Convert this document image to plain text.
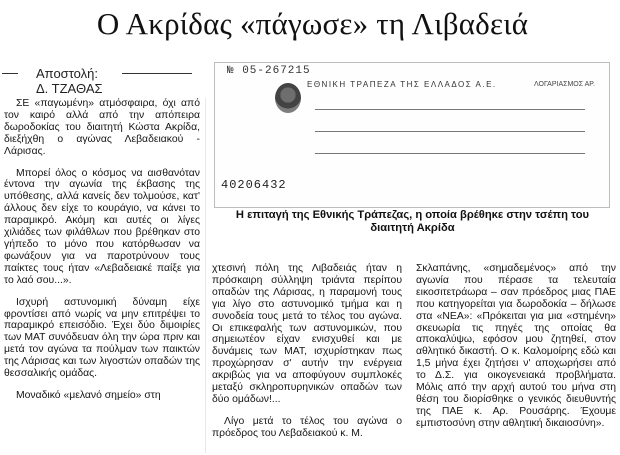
Ο Ακρίδας «πάγωσε» τη Λιβαδειά
Αποστολή:
Δ. ΤΖΑΘΑΣ

ΣΕ «παγωμένη» ατμόσφαιρα, όχι από τον καιρό αλλά από την απόπειρα δωροδοκίας του διαιτητή Κώστα Ακρίδα, διεξήχθη ο αγώνας Λεβαδειακού - Λάρισας.

Μπορεί όλος ο κόσμος να αισθανόταν έντονα την αγωνία της έκβασης της υπόθεσης, αλλά κανείς δεν τολμούσε, κατ' άλλους δεν είχε το κουράγιο, να κάνει το παραμικρό. Ακόμη και αυτές οι λίγες χιλιάδες των φιλάθλων που βρέθηκαν στο γήπεδο το μόνο που κατόρθωσαν να φωνάξουν για να παροτρύνουν τους παίκτες τους ήταν «Λεβαδειακέ παίξε για το λαό σου...».

Ισχυρή αστυνομική δύναμη είχε φροντίσει από νωρίς να μην επιτρέψει το παραμικρό επεισόδιο. Έχει δύο διμοιρίες των ΜΑΤ συνόδευαν όλη την ώρα πριν και μετά τον αγώνα τα πούλμαν των παικτών της Λάρισας και των λιγοστών οπαδών της θεσσαλικής ομάδας.

Μοναδικό «μελανό σημείο» στη

№ 05-267215
ΕΘΝΙΚΗ ΤΡΑΠΕΖΑ ΤΗΣ ΕΛΛΑΔΟΣ Α.Ε.	ΛΟΓΑΡΙΑΣΜΟΣ ΑΡ.
40206432
Η επιταγή της Εθνικής Τράπεζας, η οποία βρέθηκε στην τσέπη του διαιτητή Ακρίδα

χτεσινή πόλη της Λιβαδειάς ήταν η πρόσκαιρη σύλληψη τριάντα περίπου οπαδών της Λάρισας, η παραμονή τους για λίγο στο αστυνομικό τμήμα και η συνοδεία τους μετά το τέλος του αγώνα. Οι επικεφαλής των αστυνομικών, που σημειωτέον είχαν ενισχυθεί και με δυνάμεις των ΜΑΤ, ισχυρίστηκαν πως προχώρησαν σ' αυτήν την ενέργεια ακριβώς για να αποφύγουν συμπλοκές μεταξύ σκληροπυρηνικών οπαδών των δύο ομάδων!...

Λίγο μετά το τέλος του αγώνα ο πρόεδρος του Λεβαδειακού κ. Μ.

Σκλαπάνης, «σημαδεμένος» από την αγωνία που πέρασε τα τελευταία εικοσιτετράωρα – σαν πρόεδρος μιας ΠΑΕ που κατηγορείται για δωροδοκία – δήλωσε στα «ΝΕΑ»: «Πρόκειται για μια «στημένη» σκευωρία τις πηγές της οποίας θα αποκαλύψω, εφόσον μου ζητηθεί, στον αθλητικό δικαστή. Ο κ. Καλομοίρης εδώ και 1,5 μήνα έχει ζητήσει ν' αποχωρήσει από το Δ.Σ. για οικογενειακά προβλήματα. Μόλις από την αρχή αυτού του μήνα στη θέση του διορίσθηκε ο γενικός διευθυντής της ΠΑΕ κ. Αρ. Ρουσάρης. Έχουμε εμπιστοσύνη στην αθλητική δικαιοσύνη».
